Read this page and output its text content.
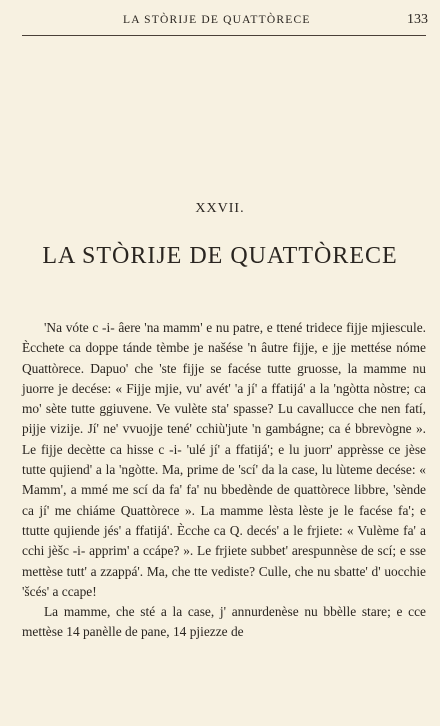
LA STÒRIJE DE QUATTÒRECE	133
XXVII.
LA STÒRIJE DE QUATTÒRECE

'Na vóte c -i- âere 'na mamm' e nu patre, e ttené tridece fijje mjiescule. Ècchete ca doppe tánde tèmbe je našése 'n âutre fijje, e jje mettése nóme Quattòrece. Dapuo' che 'ste fijje se facése tutte gruosse, la mamme nu juorre je decése: « Fijje mjie, vu' avét' 'a jí' a ffatijá' a la 'ngòtta nòstre; ca mo' sète tutte ggiuvene. Ve vulète sta' spasse? Lu cavallucce che nen fatí, pijje vizije. Jí' ne' vvuojje tené' cchiù'jute 'n gambágne; ca é bbrevògne ». Le fijje decètte ca hisse c -i- 'ulé jí' a ffatijá'; e lu juorr' apprèsse ce jèse tutte qujiend' a la 'ngòtte. Ma, prime de 'scí' da la case, lu lùteme decése: « Mamm', a mmé me scí da fa' fa' nu bbedènde de quattòrece libbre, 'sènde ca jí' me chiáme Quattòrece ». La mamme lèsta lèste je le facése fa'; e ttutte qujiende jés' a ffatijá'. Ècche ca Q. decés' a le frjiete: « Vulème fa' a cchi jèšc -i- apprim' a ccápe? ». Le frjiete subbet' arespunnèse de scí; e sse mettèse tutt' a zzappá'. Ma, che tte vediste? Culle, che nu sbatte' d' uocchie 'šcés' a ccape!

La mamme, che sté a la case, j' annurdenèse nu bbèlle stare; e cce mettèse 14 panèlle de pane, 14 pjiezze de
